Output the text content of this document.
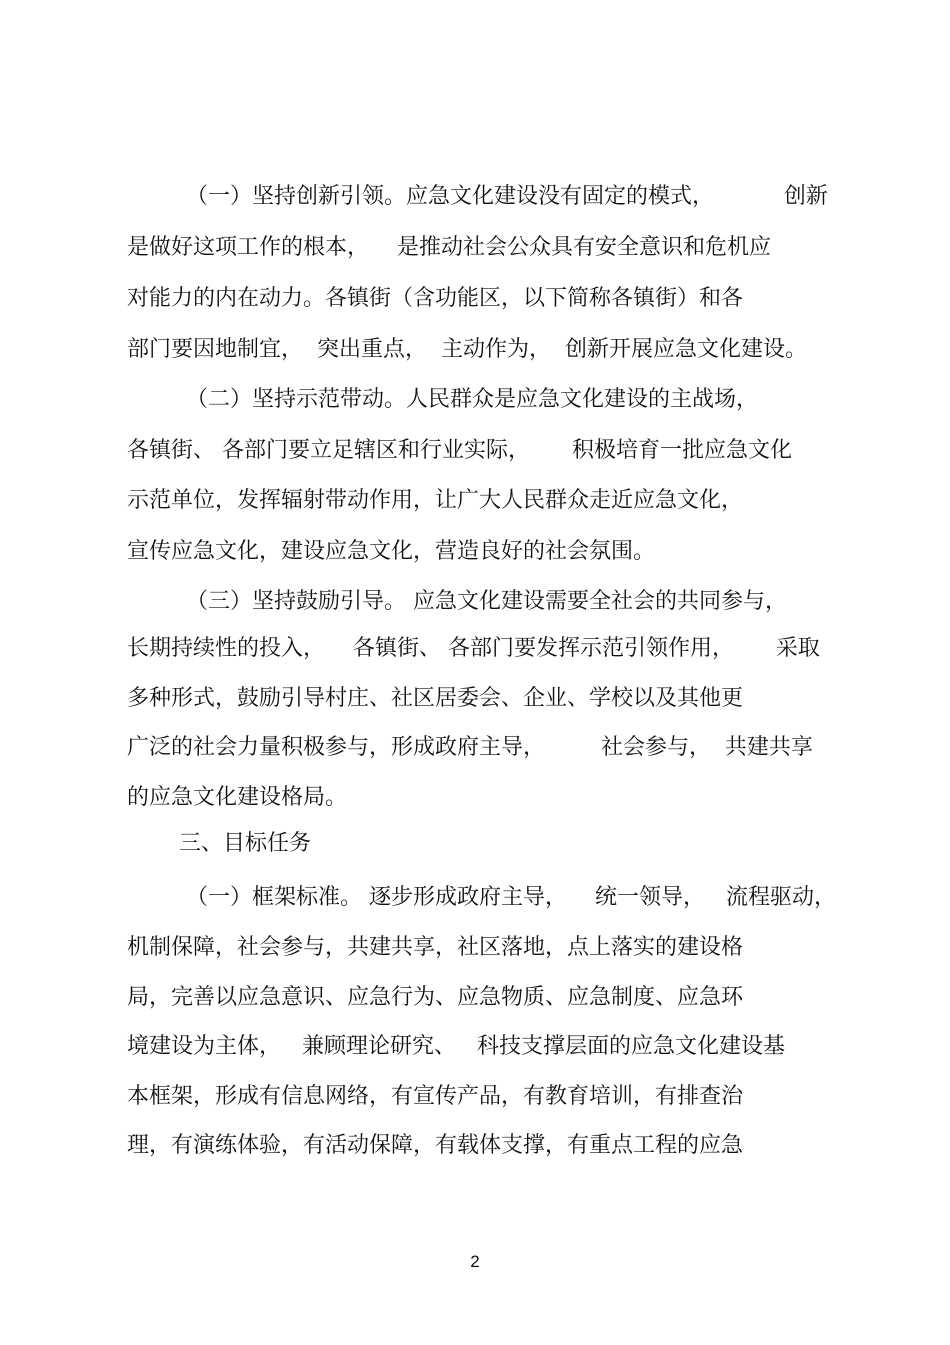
（一）坚持创新引领。应急文化建设没有固定的模式，          创新
是做好这项工作的根本，    是推动社会公众具有安全意识和危机应
对能力的内在动力。各镇街（含功能区，以下简称各镇街）和各
部门要因地制宜，  突出重点，  主动作为，  创新开展应急文化建设。
（二）坚持示范带动。人民群众是应急文化建设的主战场，
各镇街、 各部门要立足辖区和行业实际，      积极培育一批应急文化
示范单位，发挥辐射带动作用，让广大人民群众走近应急文化，
宣传应急文化，建设应急文化，营造良好的社会氛围。
（三）坚持鼓励引导。 应急文化建设需要全社会的共同参与，
长期持续性的投入，    各镇街、 各部门要发挥示范引领作用，      采取
多种形式，鼓励引导村庄、社区居委会、企业、学校以及其他更
广泛的社会力量积极参与，形成政府主导，        社会参与，  共建共享
的应急文化建设格局。
三、目标任务
（一）框架标准。 逐步形成政府主导，    统一领导，   流程驱动，
机制保障，社会参与，共建共享，社区落地，点上落实的建设格
局，完善以应急意识、应急行为、应急物质、应急制度、应急环
境建设为主体，   兼顾理论研究、   科技支撑层面的应急文化建设基
本框架，形成有信息网络，有宣传产品，有教育培训，有排查治
理，有演练体验，有活动保障，有载体支撑，有重点工程的应急
2
